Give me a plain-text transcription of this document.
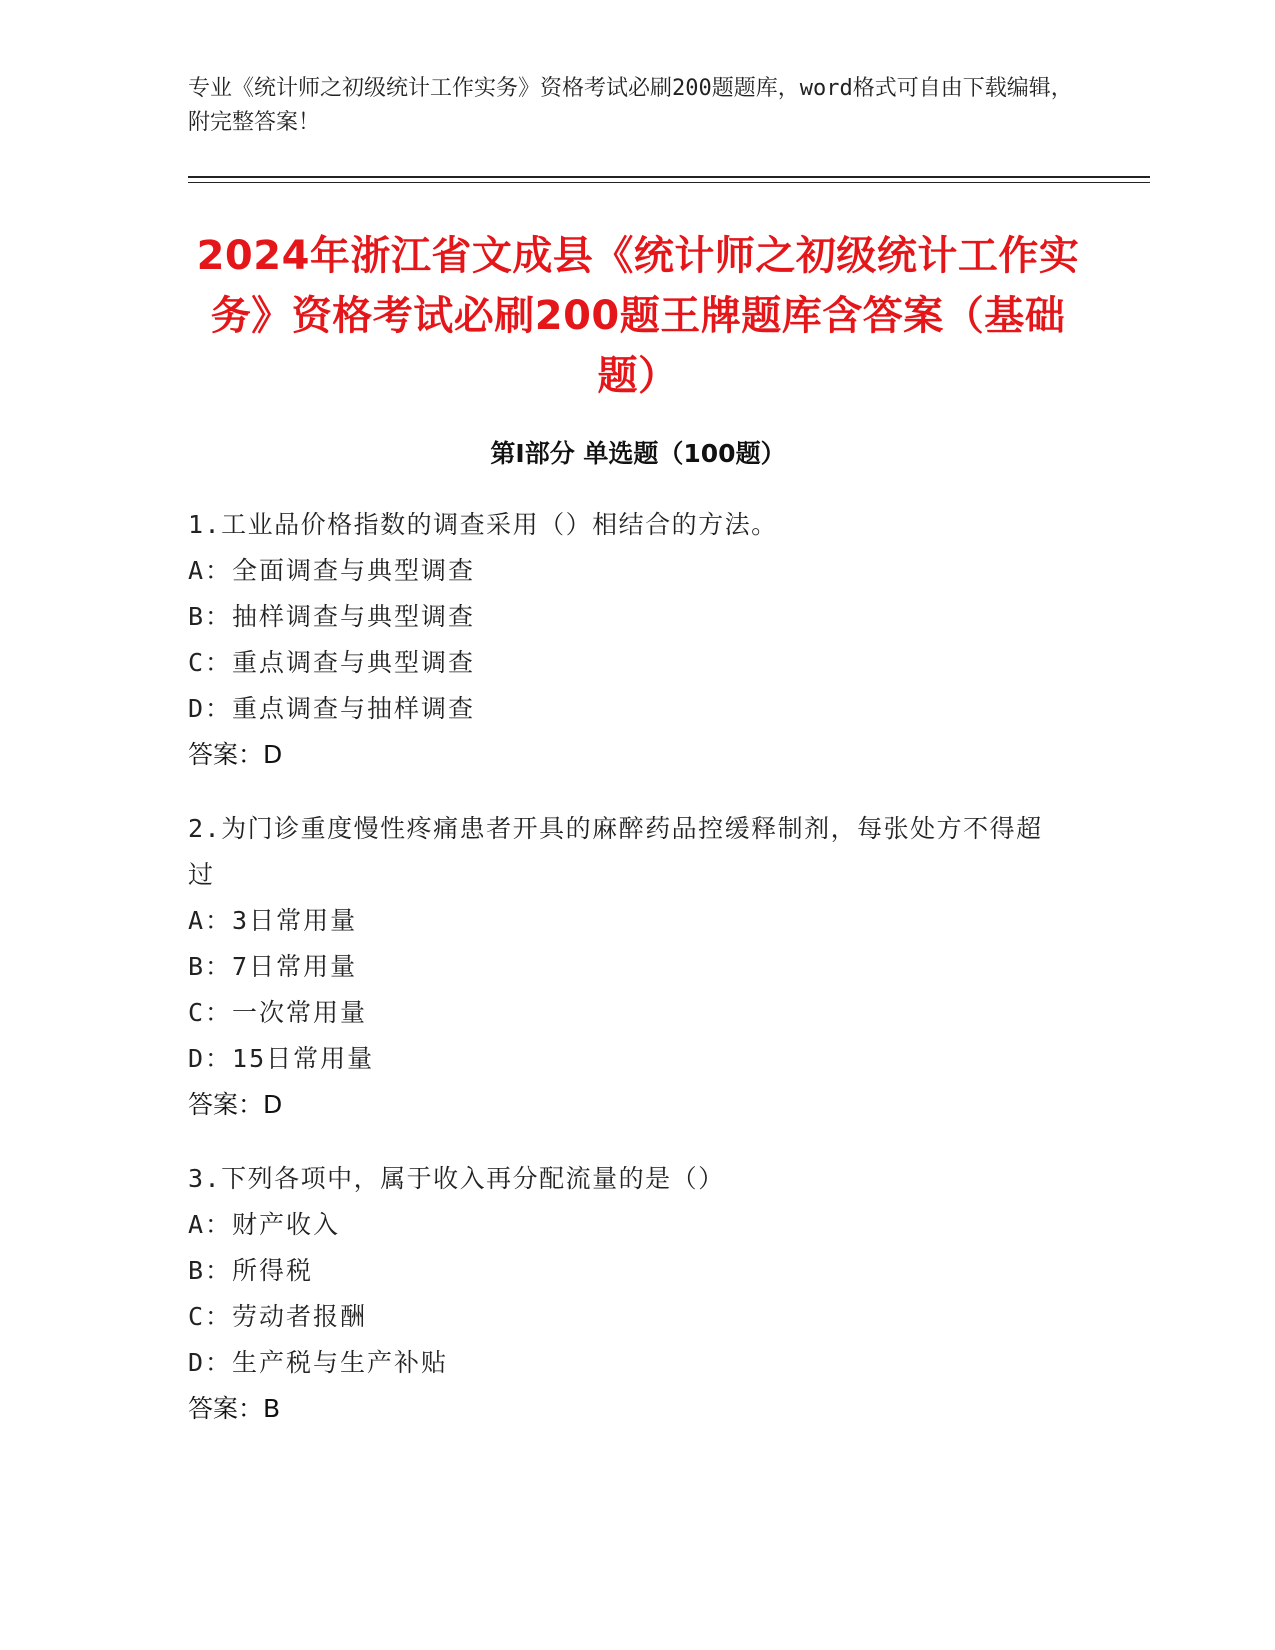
专业《统计师之初级统计工作实务》资格考试必刷200题题库，word格式可自由下载编辑，附完整答案！
2024年浙江省文成县《统计师之初级统计工作实务》资格考试必刷200题王牌题库含答案（基础题）
第Ⅰ部分 单选题（100题）
1.工业品价格指数的调查采用（）相结合的方法。
A：全面调查与典型调查
B：抽样调查与典型调查
C：重点调查与典型调查
D：重点调查与抽样调查
答案：D
2.为门诊重度慢性疼痛患者开具的麻醉药品控缓释制剂，每张处方不得超过
A：3日常用量
B：7日常用量
C：一次常用量
D：15日常用量
答案：D
3.下列各项中，属于收入再分配流量的是（）
A：财产收入
B：所得税
C：劳动者报酬
D：生产税与生产补贴
答案：B
